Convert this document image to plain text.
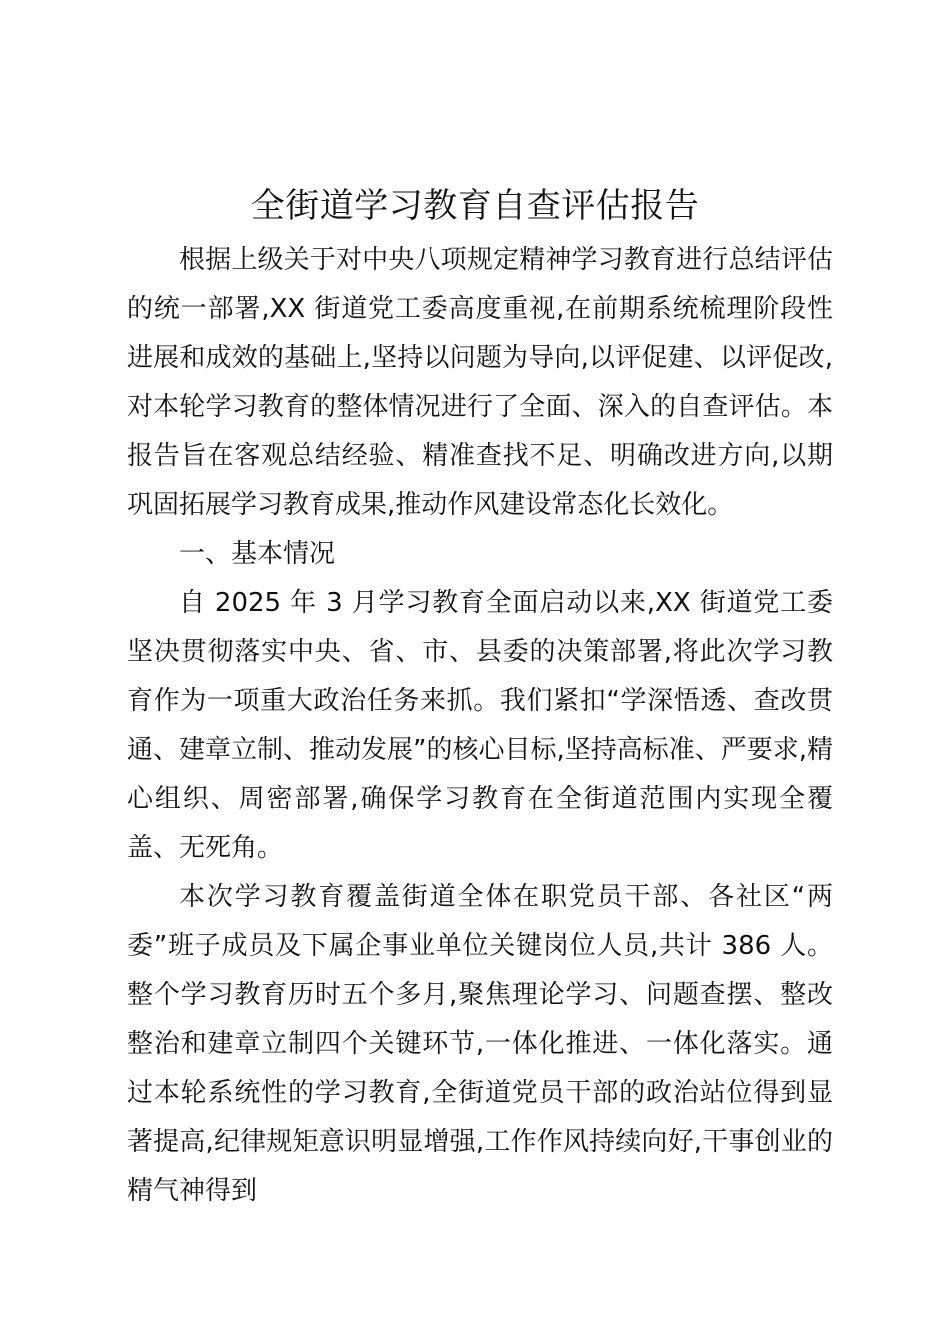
全街道学习教育自查评估报告

根据上级关于对中央八项规定精神学习教育进行总结评估的统一部署,XX 街道党工委高度重视,在前期系统梳理阶段性进展和成效的基础上,坚持以问题为导向,以评促建、以评促改,对本轮学习教育的整体情况进行了全面、深入的自查评估。本报告旨在客观总结经验、精准查找不足、明确改进方向,以期巩固拓展学习教育成果,推动作风建设常态化长效化。

一、基本情况

自 2025 年 3 月学习教育全面启动以来,XX 街道党工委坚决贯彻落实中央、省、市、县委的决策部署,将此次学习教育作为一项重大政治任务来抓。我们紧扣“学深悟透、查改贯通、建章立制、推动发展”的核心目标,坚持高标准、严要求,精心组织、周密部署,确保学习教育在全街道范围内实现全覆盖、无死角。

本次学习教育覆盖街道全体在职党员干部、各社区“两委”班子成员及下属企事业单位关键岗位人员,共计 386 人。整个学习教育历时五个多月,聚焦理论学习、问题查摆、整改整治和建章立制四个关键环节,一体化推进、一体化落实。通过本轮系统性的学习教育,全街道党员干部的政治站位得到显著提高,纪律规矩意识明显增强,工作作风持续向好,干事创业的精气神得到
